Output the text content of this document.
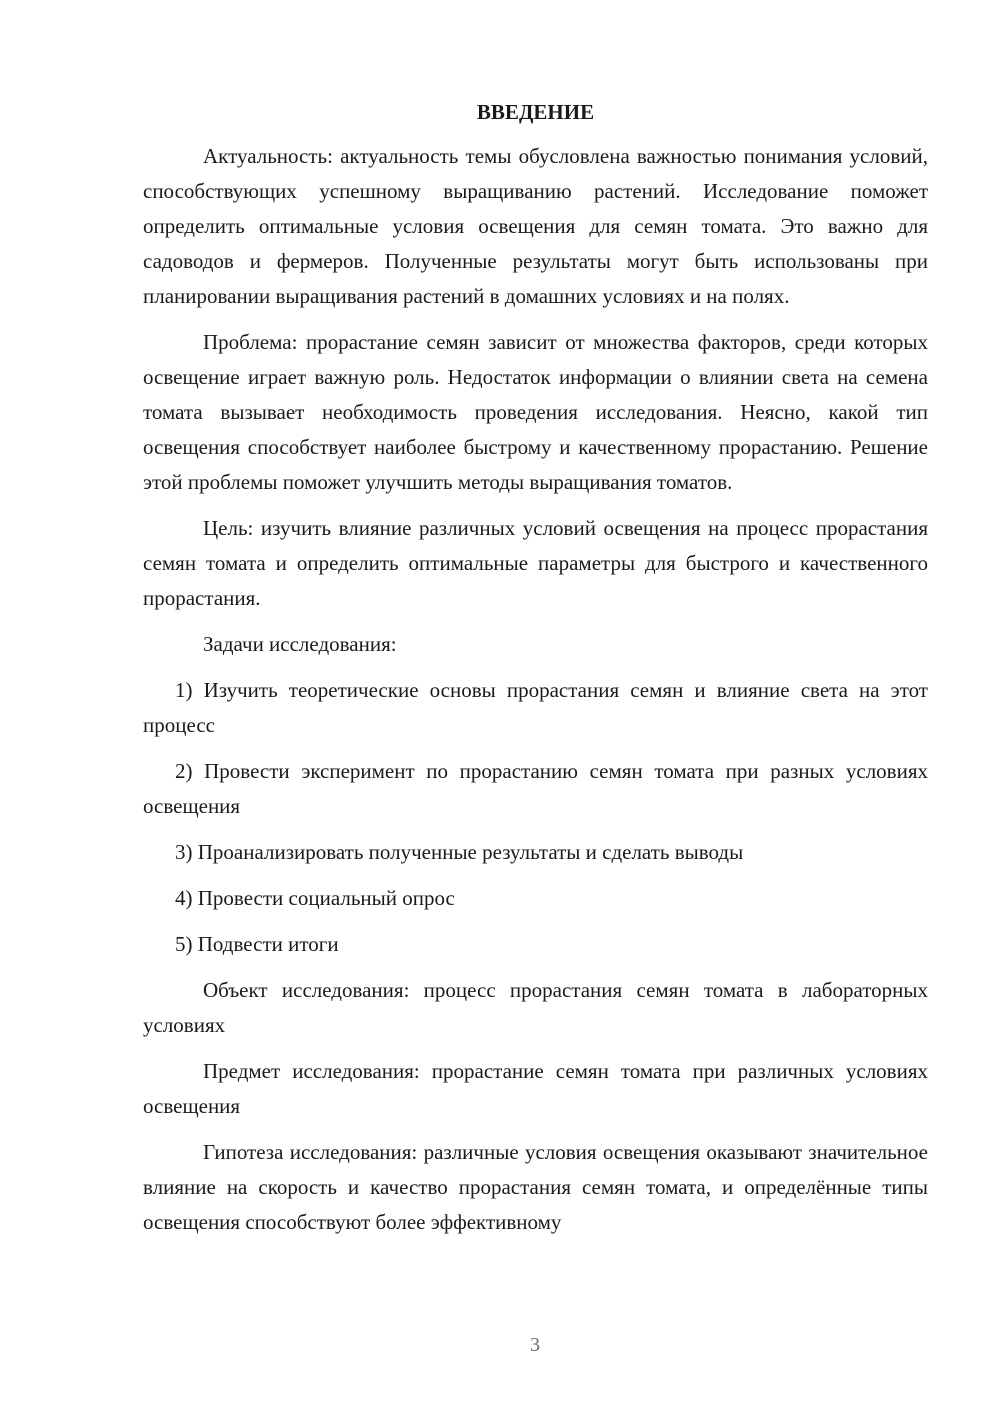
ВВЕДЕНИЕ

Актуальность: актуальность темы обусловлена важностью понимания условий, способствующих успешному выращиванию растений. Исследование поможет определить оптимальные условия освещения для семян томата. Это важно для садоводов и фермеров. Полученные результаты могут быть использованы при планировании выращивания растений в домашних условиях и на полях.

Проблема: прорастание семян зависит от множества факторов, среди которых освещение играет важную роль. Недостаток информации о влиянии света на семена томата вызывает необходимость проведения исследования. Неясно, какой тип освещения способствует наиболее быстрому и качественному прорастанию. Решение этой проблемы поможет улучшить методы выращивания томатов.

Цель: изучить влияние различных условий освещения на процесс прорастания семян томата и определить оптимальные параметры для быстрого и качественного прорастания.

Задачи исследования:

1) Изучить теоретические основы прорастания семян и влияние света на этот процесс

2) Провести эксперимент по прорастанию семян томата при разных условиях освещения

3) Проанализировать полученные результаты и сделать выводы

4) Провести социальный опрос

5) Подвести итоги

Объект исследования: процесс прорастания семян томата в лабораторных условиях

Предмет исследования: прорастание семян томата при различных условиях освещения

Гипотеза исследования: различные условия освещения оказывают значительное влияние на скорость и качество прорастания семян томата, и определённые типы освещения способствуют более эффективному

3
